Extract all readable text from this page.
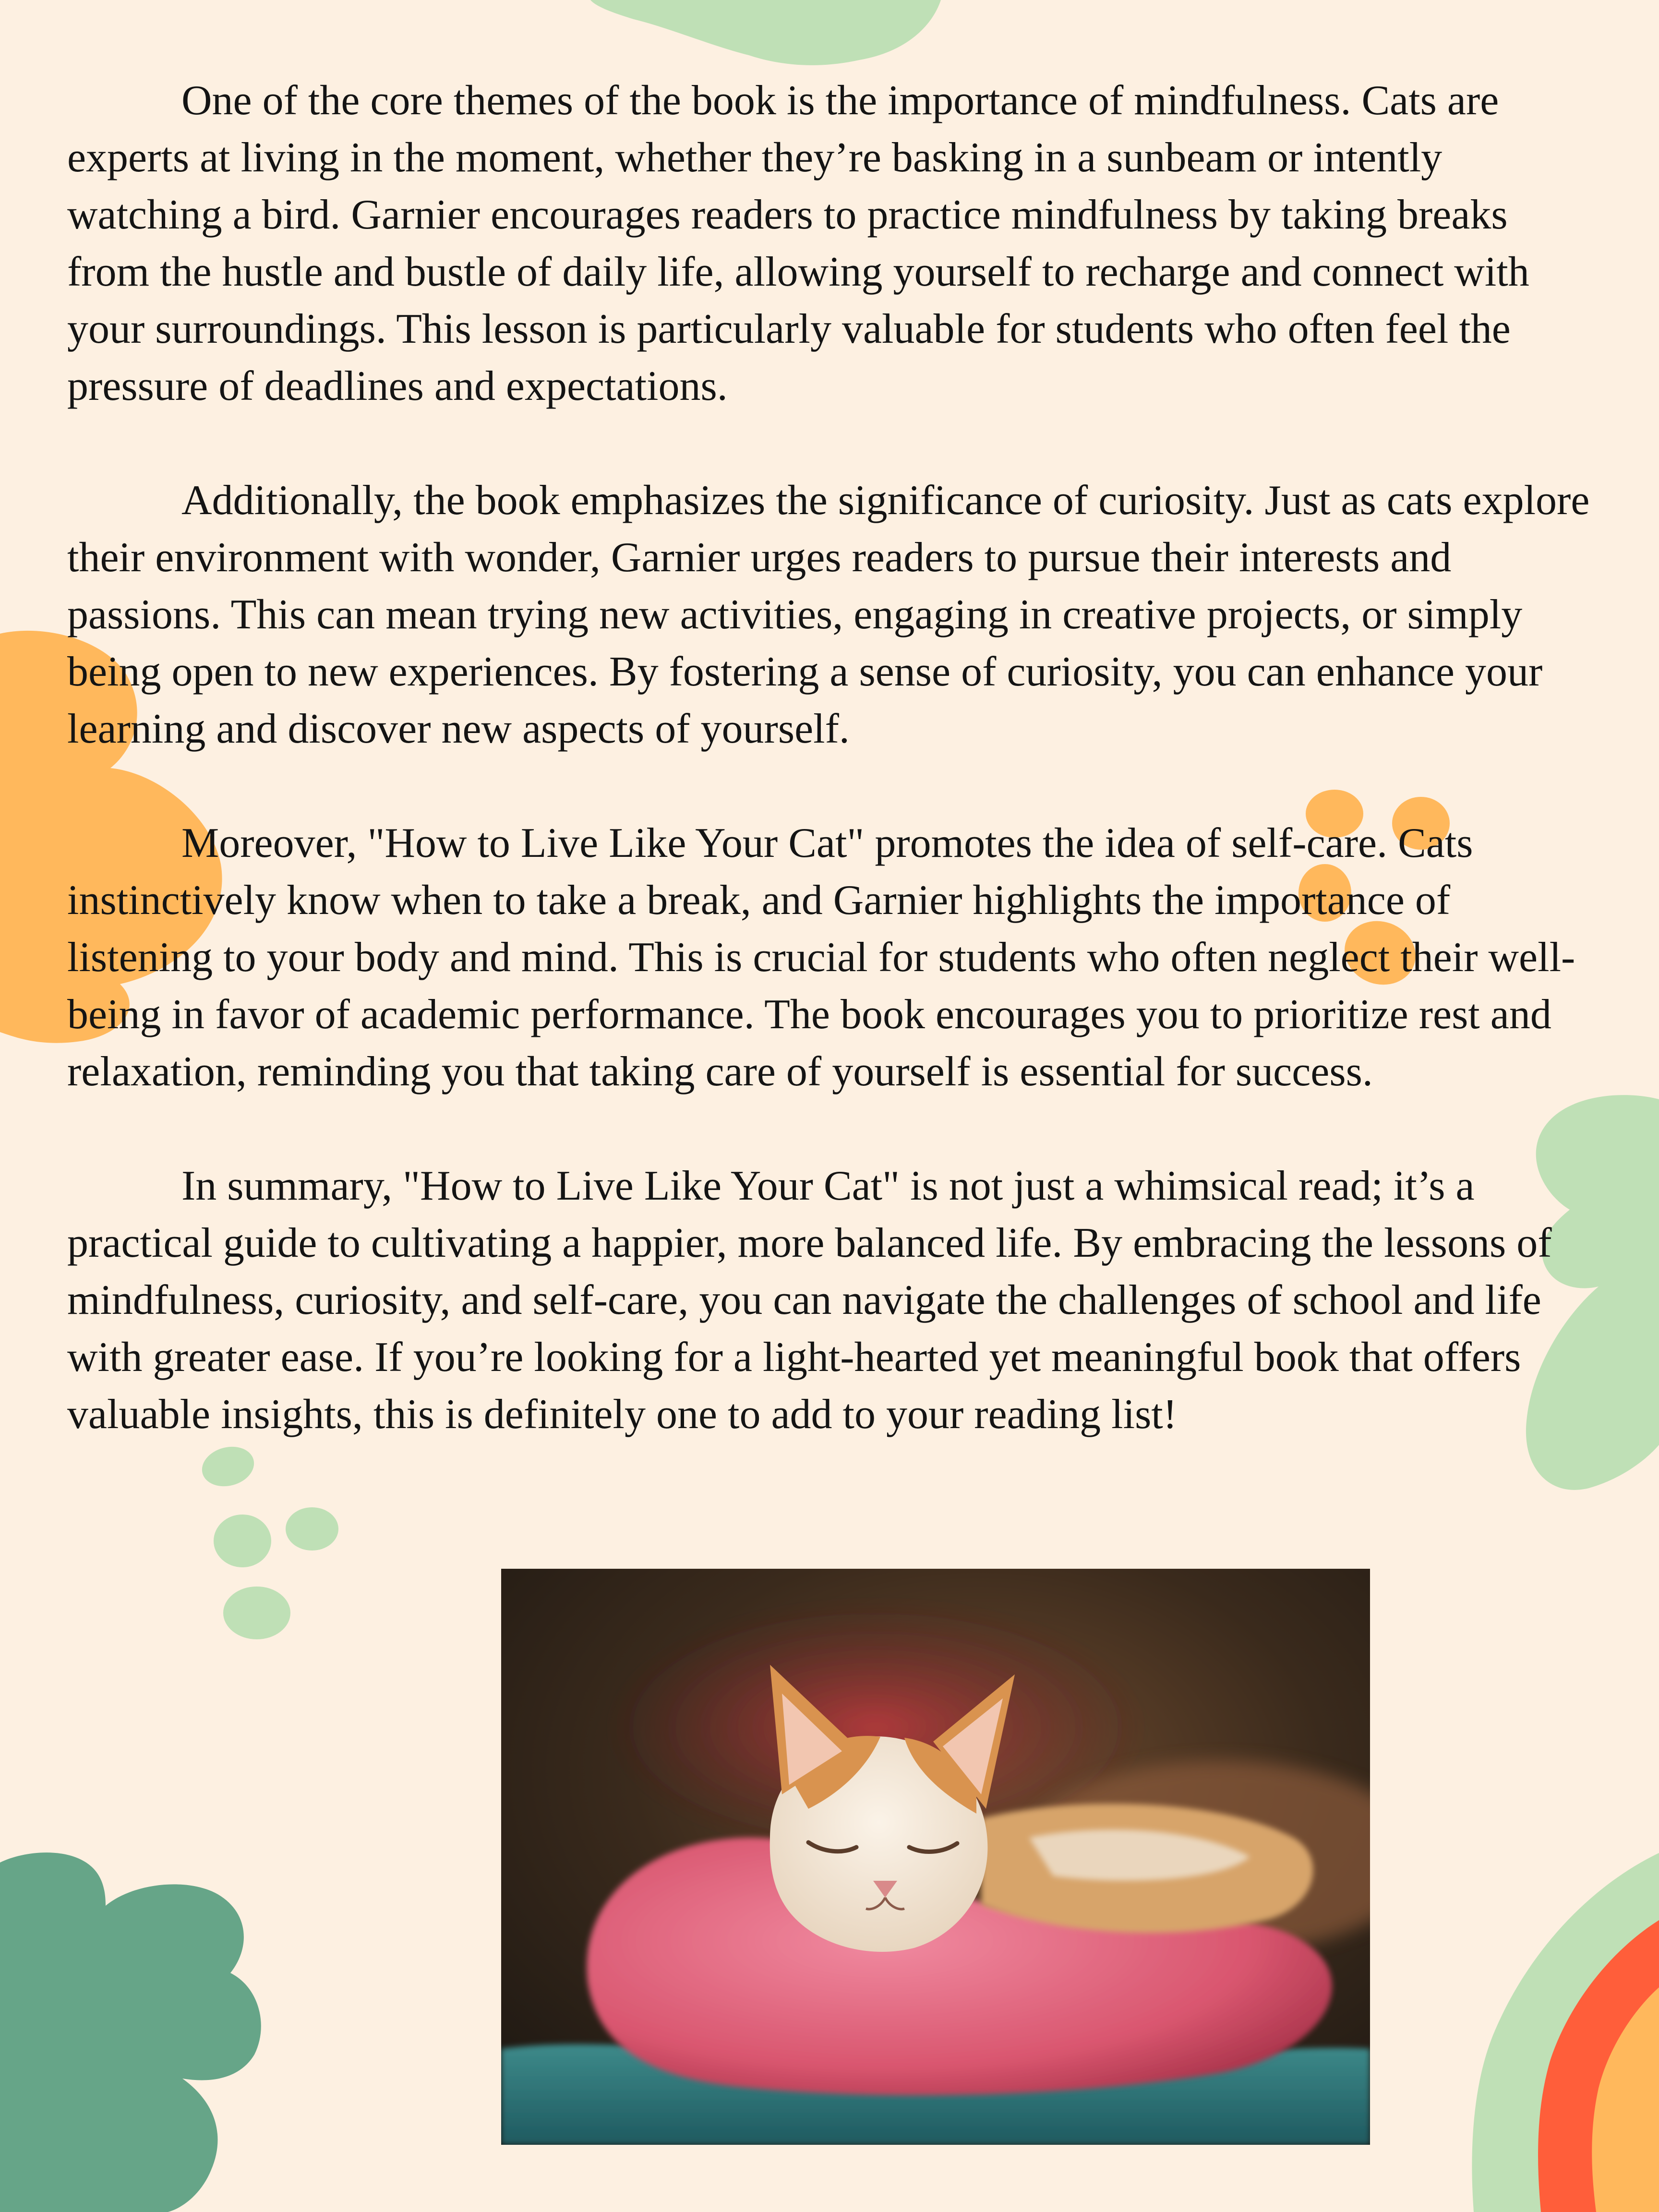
One of the core themes of the book is the importance of mindfulness. Cats are experts at living in the moment, whether they’re basking in a sunbeam or intently watching a bird. Garnier encourages readers to practice mindfulness by taking breaks from the hustle and bustle of daily life, allowing yourself to recharge and connect with your surroundings. This lesson is particularly valuable for students who often feel the pressure of deadlines and expectations.

Additionally, the book emphasizes the significance of curiosity. Just as cats explore their environment with wonder, Garnier urges readers to pursue their interests and passions. This can mean trying new activities, engaging in creative projects, or simply being open to new experiences. By fostering a sense of curiosity, you can enhance your learning and discover new aspects of yourself.

Moreover, "How to Live Like Your Cat" promotes the idea of self-care. Cats instinctively know when to take a break, and Garnier highlights the importance of listening to your body and mind. This is crucial for students who often neglect their well-being in favor of academic performance. The book encourages you to prioritize rest and relaxation, reminding you that taking care of yourself is essential for success.

In summary, "How to Live Like Your Cat" is not just a whimsical read; it’s a practical guide to cultivating a happier, more balanced life. By embracing the lessons of mindfulness, curiosity, and self-care, you can navigate the challenges of school and life with greater ease. If you’re looking for a light-hearted yet meaningful book that offers valuable insights, this is definitely one to add to your reading list!
